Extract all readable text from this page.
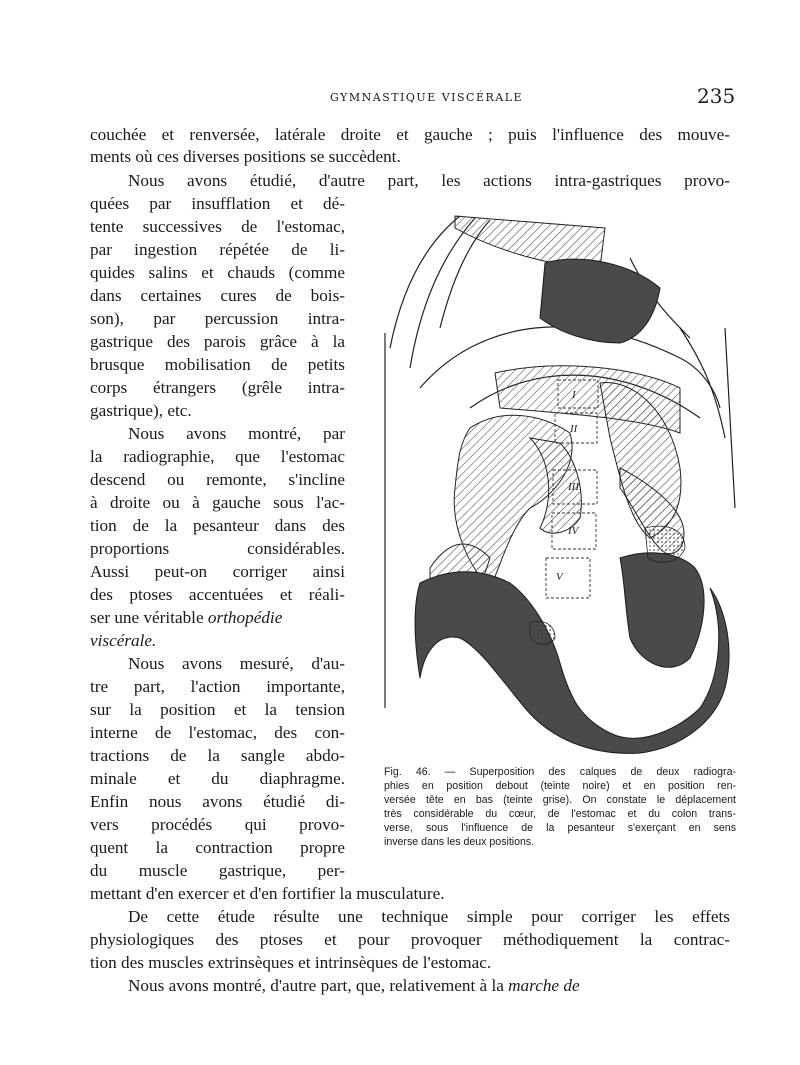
GYMNASTIQUE VISCÉRALE	235
couchée et renversée, latérale droite et gauche ; puis l'influence des mouve-
ments où ces diverses positions se succèdent.
Nous avons étudié, d'autre part, les actions intra-gastriques provo-
quées par insufflation et dé-
tente successives de l'estomac,
par ingestion répétée de li-
quides salins et chauds (comme
dans certaines cures de bois-
son), par percussion intra-
gastrique des parois grâce à la
brusque mobilisation de petits
corps étrangers (grêle intra-
gastrique), etc.
Nous avons montré, par
la radiographie, que l'estomac
descend ou remonte, s'incline
à droite ou à gauche sous l'ac-
tion de la pesanteur dans des
proportions considérables.
Aussi peut-on corriger ainsi
des ptoses accentuées et réali-
ser une véritable orthopédie
viscérale.
Nous avons mesuré, d'au-
tre part, l'action importante,
sur la position et la tension
interne de l'estomac, des con-
tractions de la sangle abdo-
minale et du diaphragme.
Enfin nous avons étudié di-
vers procédés qui provo-
quent la contraction propre
du muscle gastrique, per-
mettant d'en exercer et d'en fortifier la musculature.
De cette étude résulte une technique simple pour corriger les effets
physiologiques des ptoses et pour provoquer méthodiquement la contrac-
tion des muscles extrinsèques et intrinsèques de l'estomac.
Nous avons montré, d'autre part, que, relativement à la marche de
I
II
III
IV
V
Fig. 46. — Superposition des calques de deux radiogra-
phies en position debout (teinte noire) et en position ren-
versée tête en bas (teinte grise). On constate le déplacement
très considérable du cœur, de l'estomac et du colon trans-
verse, sous l'influence de la pesanteur s'exerçant en sens
inverse dans les deux positions.
